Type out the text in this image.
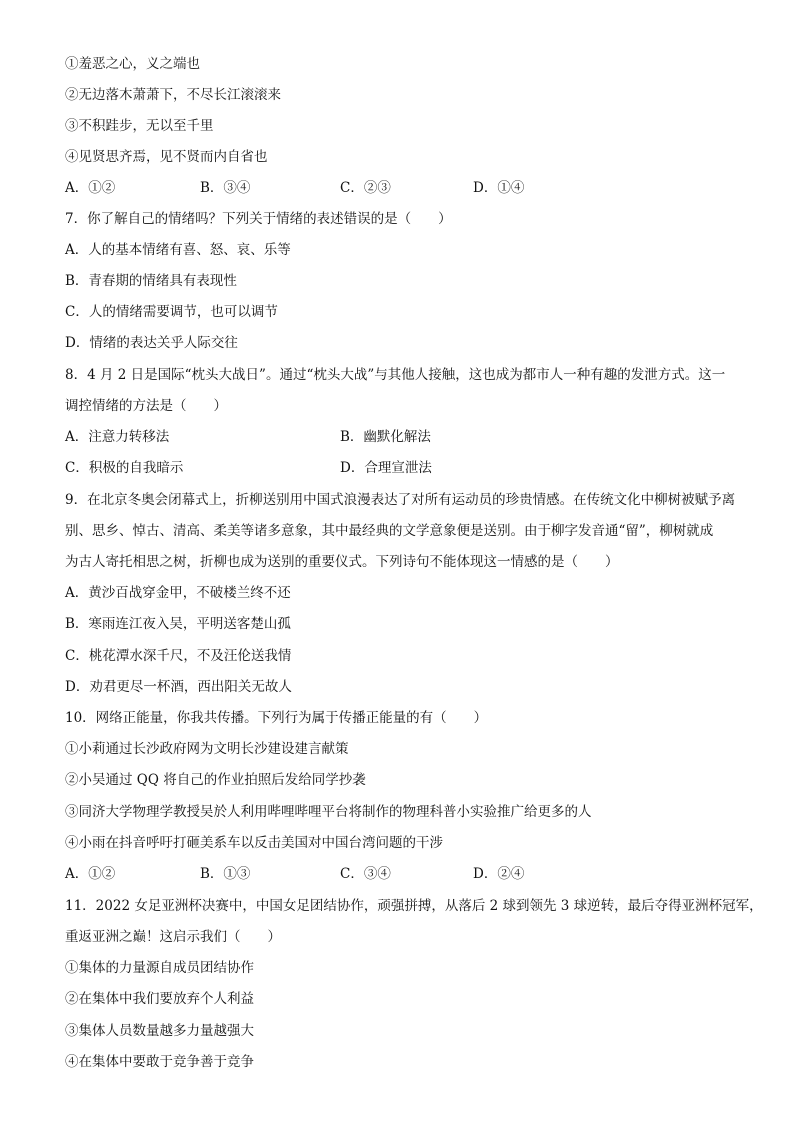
①羞恶之心，义之端也
②无边落木萧萧下，不尽长江滚滚来
③不积跬步，无以至千里
④见贤思齐焉，见不贤而内自省也
A．①②	B．③④	C．②③	D．①④
7．你了解自己的情绪吗？下列关于情绪的表述错误的是（　　）
A．人的基本情绪有喜、怒、哀、乐等
B．青春期的情绪具有表现性
C．人的情绪需要调节，也可以调节
D．情绪的表达关乎人际交往
8．4 月 2 日是国际“枕头大战日”。通过“枕头大战”与其他人接触，这也成为都市人一种有趣的发泄方式。这一
调控情绪的方法是（　　）
A．注意力转移法	B．幽默化解法
C．积极的自我暗示	D．合理宣泄法
9．在北京冬奥会闭幕式上，折柳送别用中国式浪漫表达了对所有运动员的珍贵情感。在传统文化中柳树被赋予离
别、思乡、悼古、清高、柔美等诸多意象，其中最经典的文学意象便是送别。由于柳字发音通“留”，柳树就成
为古人寄托相思之树，折柳也成为送别的重要仪式。下列诗句不能体现这一情感的是（　　）
A．黄沙百战穿金甲，不破楼兰终不还
B．寒雨连江夜入吴，平明送客楚山孤
C．桃花潭水深千尺，不及汪伦送我情
D．劝君更尽一杯酒，西出阳关无故人
10．网络正能量，你我共传播。下列行为属于传播正能量的有（　　）
①小莉通过长沙政府网为文明长沙建设建言献策
②小吴通过 QQ 将自己的作业拍照后发给同学抄袭
③同济大学物理学教授吴於人利用哔哩哔哩平台将制作的物理科普小实验推广给更多的人
④小雨在抖音呼吁打砸美系车以反击美国对中国台湾问题的干涉
A．①②	B．①③	C．③④	D．②④
11．2022 女足亚洲杯决赛中，中国女足团结协作，顽强拼搏，从落后 2 球到领先 3 球逆转，最后夺得亚洲杯冠军，
重返亚洲之巅！这启示我们（　　）
①集体的力量源自成员团结协作
②在集体中我们要放弃个人利益
③集体人员数量越多力量越强大
④在集体中要敢于竞争善于竞争
